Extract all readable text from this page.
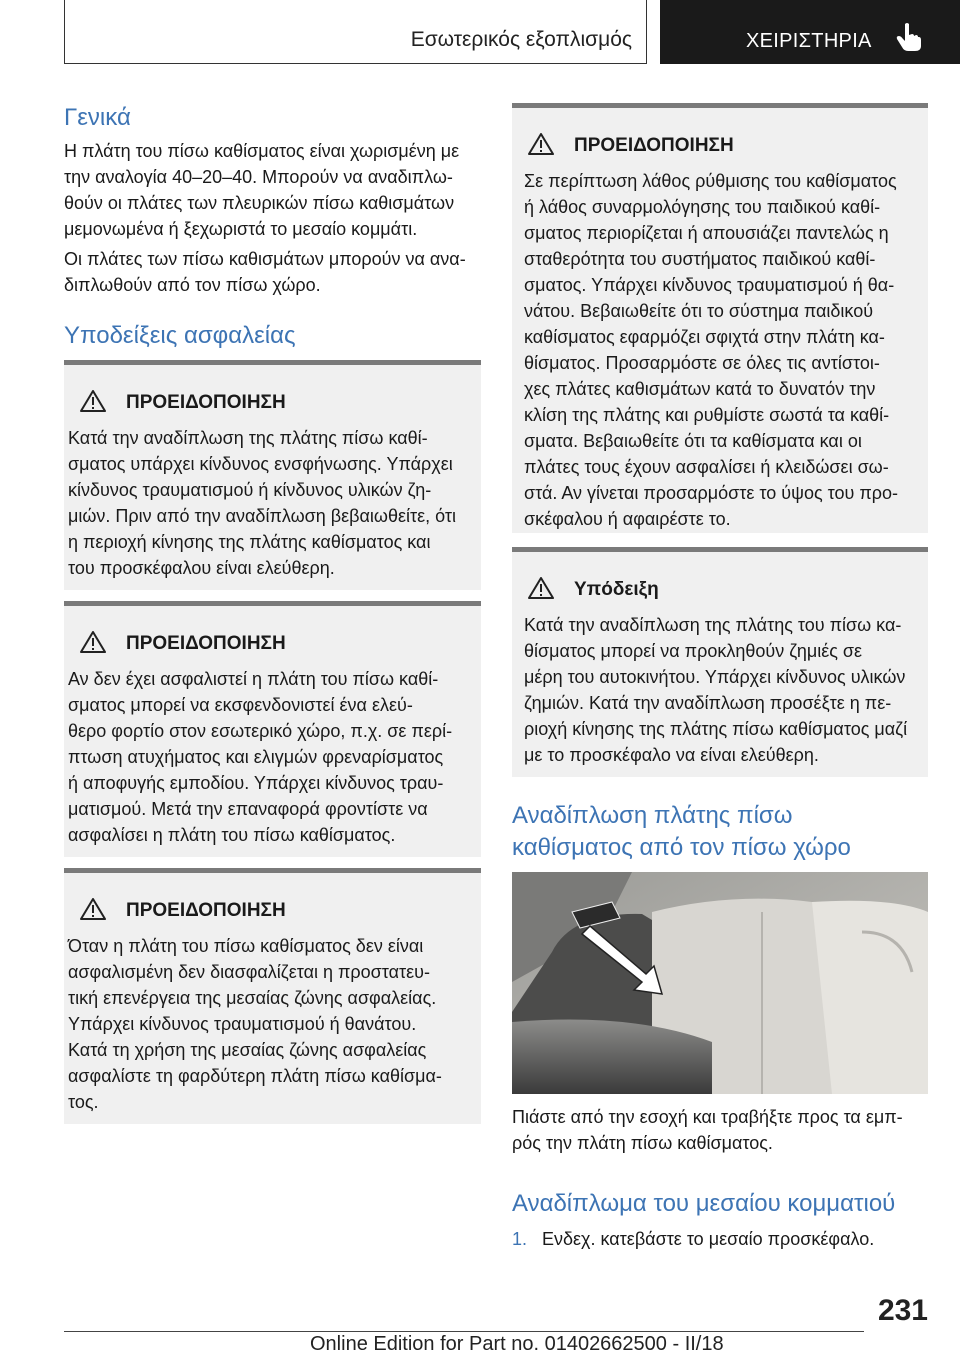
Εσωτερικός εξοπλισμός	ΧΕΙΡΙΣΤΗΡΙΑ
Γενικά

Η πλάτη του πίσω καθίσματος είναι χωρισμένη με

την αναλογία 40–20–40. Μπορούν να αναδιπλω-

θούν οι πλάτες των πλευρικών πίσω καθισμάτων

μεμονωμένα ή ξεχωριστά το μεσαίο κομμάτι.

Οι πλάτες των πίσω καθισμάτων μπορούν να ανα-

διπλωθούν από τον πίσω χώρο.

Υποδείξεις ασφαλείας
ΠΡΟΕΙΔΟΠΟΙΗΣΗ

Κατά την αναδίπλωση της πλάτης πίσω καθί-

σματος υπάρχει κίνδυνος ενσφήνωσης. Υπάρχει

κίνδυνος τραυματισμού ή κίνδυνος υλικών ζη-

μιών. Πριν από την αναδίπλωση βεβαιωθείτε, ότι

η περιοχή κίνησης της πλάτης καθίσματος και

του προσκέφαλου είναι ελεύθερη.

ΠΡΟΕΙΔΟΠΟΙΗΣΗ

Αν δεν έχει ασφαλιστεί η πλάτη του πίσω καθί-

σματος μπορεί να εκσφενδονιστεί ένα ελεύ-

θερο φορτίο στον εσωτερικό χώρο, π.χ. σε περί-

πτωση ατυχήματος και ελιγμών φρεναρίσματος

ή αποφυγής εμποδίου. Υπάρχει κίνδυνος τραυ-

ματισμού. Μετά την επαναφορά φροντίστε να

ασφαλίσει η πλάτη του πίσω καθίσματος.

ΠΡΟΕΙΔΟΠΟΙΗΣΗ

Όταν η πλάτη του πίσω καθίσματος δεν είναι

ασφαλισμένη δεν διασφαλίζεται η προστατευ-

τική επενέργεια της μεσαίας ζώνης ασφαλείας.

Υπάρχει κίνδυνος τραυματισμού ή θανάτου.

Κατά τη χρήση της μεσαίας ζώνης ασφαλείας

ασφαλίστε τη φαρδύτερη πλάτη πίσω καθίσμα-

τος.

ΠΡΟΕΙΔΟΠΟΙΗΣΗ

Σε περίπτωση λάθος ρύθμισης του καθίσματος

ή λάθος συναρμολόγησης του παιδικού καθί-

σματος περιορίζεται ή απουσιάζει παντελώς η

σταθερότητα του συστήματος παιδικού καθί-

σματος. Υπάρχει κίνδυνος τραυματισμού ή θα-

νάτου. Βεβαιωθείτε ότι το σύστημα παιδικού

καθίσματος εφαρμόζει σφιχτά στην πλάτη κα-

θίσματος. Προσαρμόστε σε όλες τις αντίστοι-

χες πλάτες καθισμάτων κατά το δυνατόν την

κλίση της πλάτης και ρυθμίστε σωστά τα καθί-

σματα. Βεβαιωθείτε ότι τα καθίσματα και οι

πλάτες τους έχουν ασφαλίσει ή κλειδώσει σω-

στά. Αν γίνεται προσαρμόστε το ύψος του προ-

σκέφαλου ή αφαιρέστε το.

Υπόδειξη

Κατά την αναδίπλωση της πλάτης του πίσω κα-

θίσματος μπορεί να προκληθούν ζημιές σε

μέρη του αυτοκινήτου. Υπάρχει κίνδυνος υλικών

ζημιών. Κατά την αναδίπλωση προσέξτε η πε-

ριοχή κίνησης της πλάτης πίσω καθίσματος μαζί

με το προσκέφαλο να είναι ελεύθερη.

Αναδίπλωση πλάτης πίσω
καθίσματος από τον πίσω χώρο

Πιάστε από την εσοχή και τραβήξτε προς τα εμπ-

ρός την πλάτη πίσω καθίσματος.

Αναδίπλωμα του μεσαίου κομματιού

1. Ενδεχ. κατεβάστε το μεσαίο προσκέφαλο.

231
Online Edition for Part no. 01402662500 - II/18
